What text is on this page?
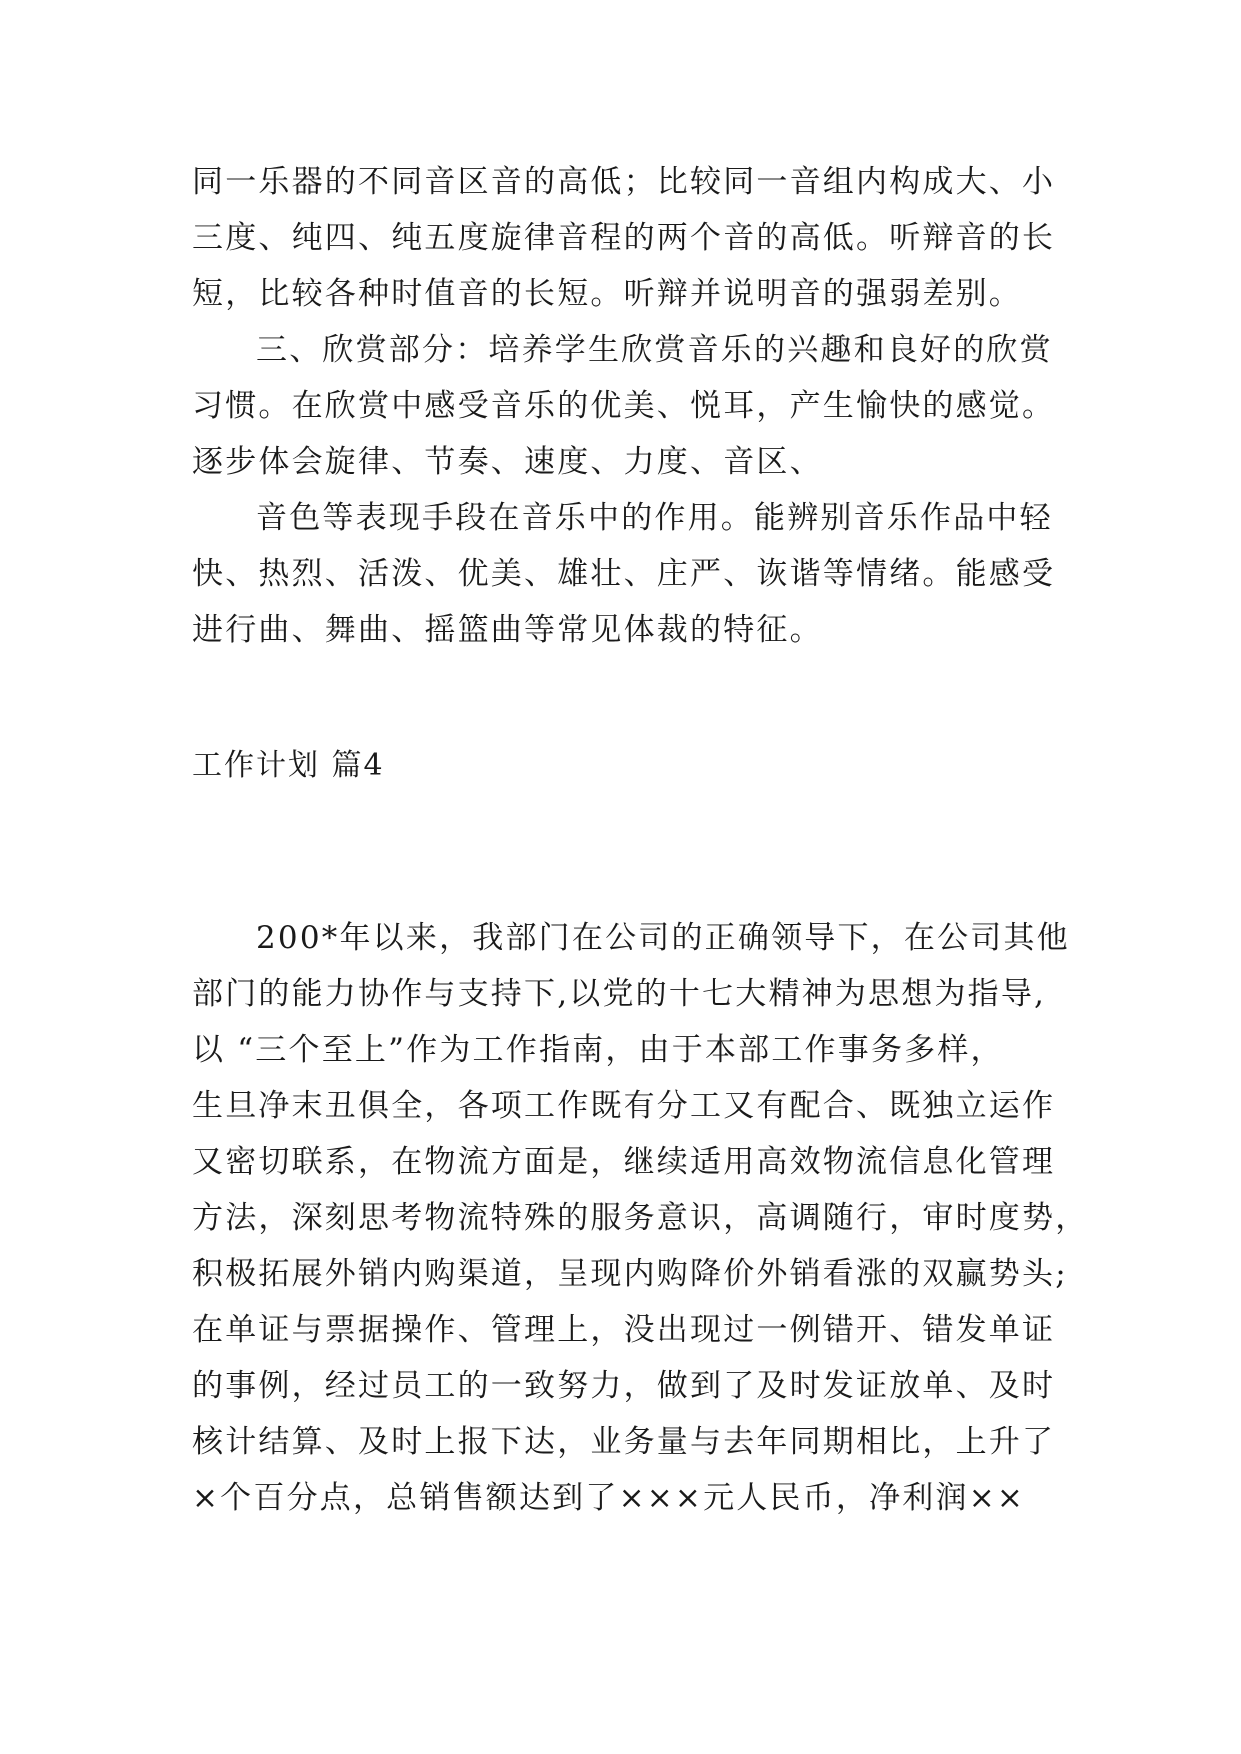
同一乐器的不同音区音的高低；比较同一音组内构成大、小
三度、纯四、纯五度旋律音程的两个音的高低。听辩音的长
短，比较各种时值音的长短。听辩并说明音的强弱差别。
三、欣赏部分：培养学生欣赏音乐的兴趣和良好的欣赏
习惯。在欣赏中感受音乐的优美、悦耳，产生愉快的感觉。
逐步体会旋律、节奏、速度、力度、音区、
音色等表现手段在音乐中的作用。能辨别音乐作品中轻
快、热烈、活泼、优美、雄壮、庄严、诙谐等情绪。能感受
进行曲、舞曲、摇篮曲等常见体裁的特征。
工作计划 篇4
200*年以来，我部门在公司的正确领导下，在公司其他
部门的能力协作与支持下,以党的十七大精神为思想为指导,
以 “三个至上”作为工作指南，由于本部工作事务多样，
生旦净末丑俱全，各项工作既有分工又有配合、既独立运作
又密切联系，在物流方面是，继续适用高效物流信息化管理
方法，深刻思考物流特殊的服务意识，高调随行，审时度势，
积极拓展外销内购渠道，呈现内购降价外销看涨的双赢势头;
在单证与票据操作、管理上，没出现过一例错开、错发单证
的事例，经过员工的一致努力，做到了及时发证放单、及时
核计结算、及时上报下达，业务量与去年同期相比，上升了
×个百分点，总销售额达到了×××元人民币，净利润××
